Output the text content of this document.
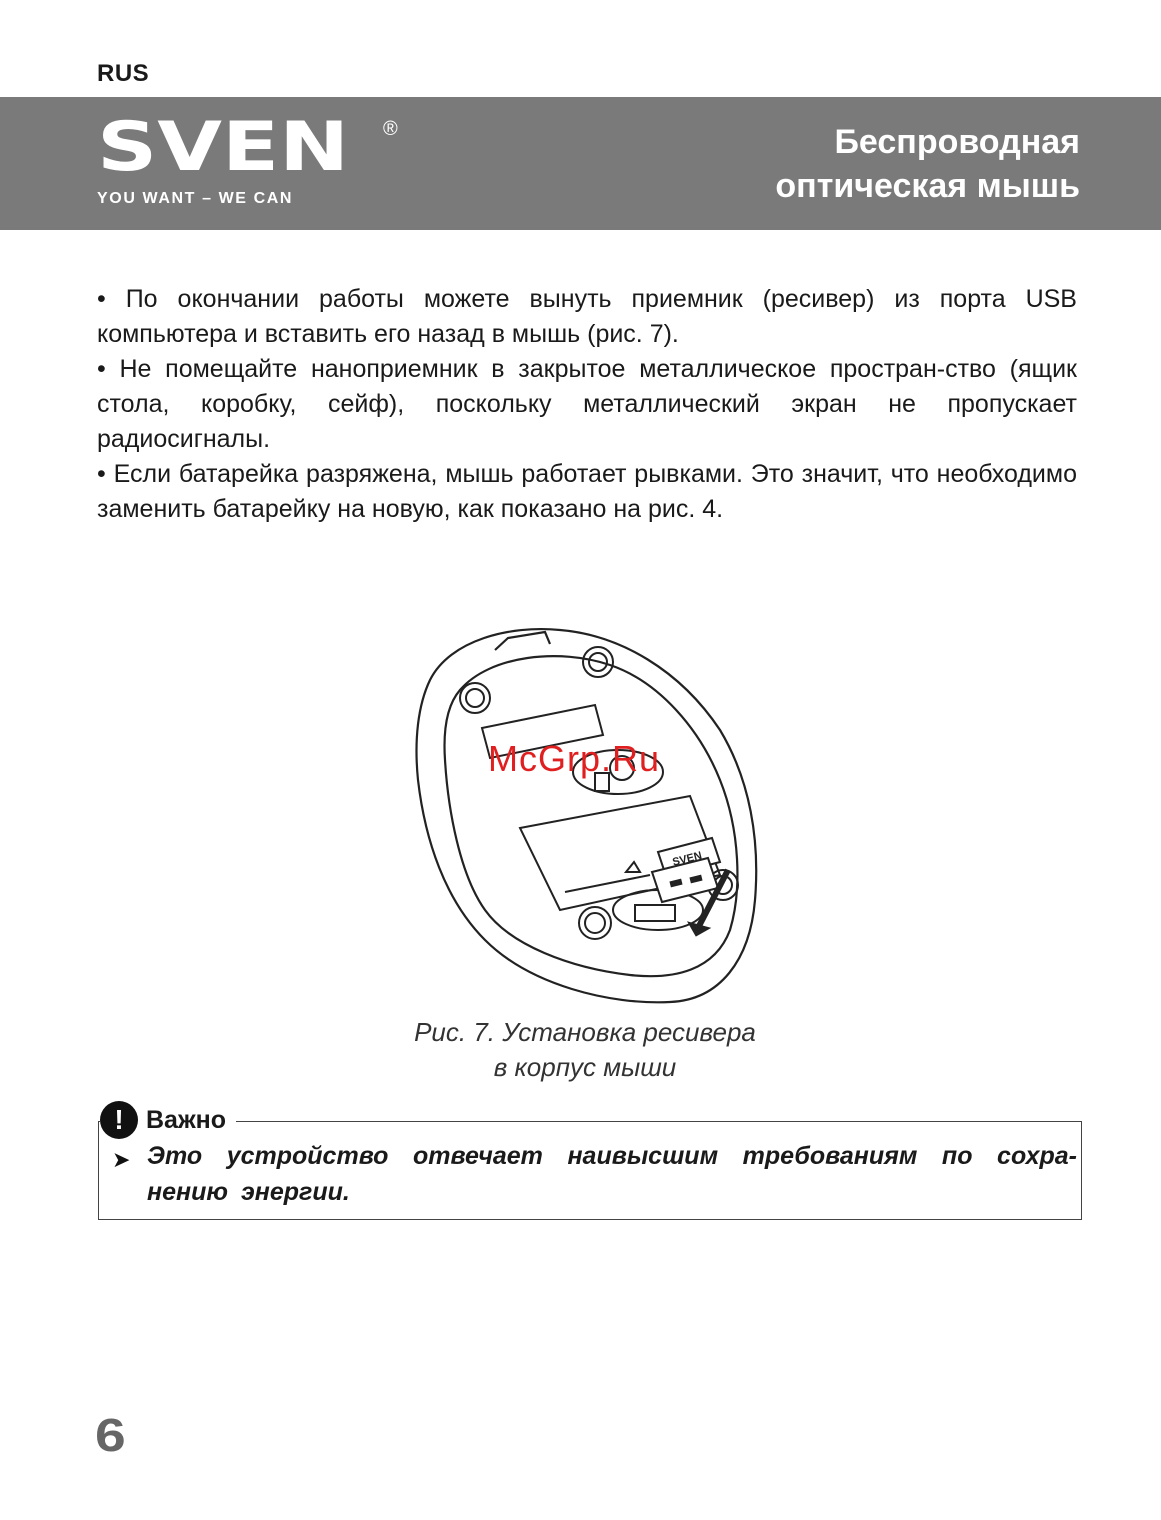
RUS
SVEN ®
YOU WANT – WE CAN
Беспроводная
оптическая мышь

• По окончании работы можете вынуть приемник (ресивер) из порта USB компьютера и вставить его назад в мышь (рис. 7).

• Не помещайте наноприемник в закрытое металлическое простран-ство (ящик стола, коробку, сейф), поскольку металлический экран не пропускает радиосигналы.

• Если батарейка разряжена, мышь работает рывками. Это значит, что необходимо заменить батарейку на новую, как показано на рис. 4.

SVEN
McGrp.Ru
Рис. 7. Установка ресивера
в корпус мыши
! Важно
➤ Это устройство отвечает наивысшим требованиям по сохра-нению энергии.
6
